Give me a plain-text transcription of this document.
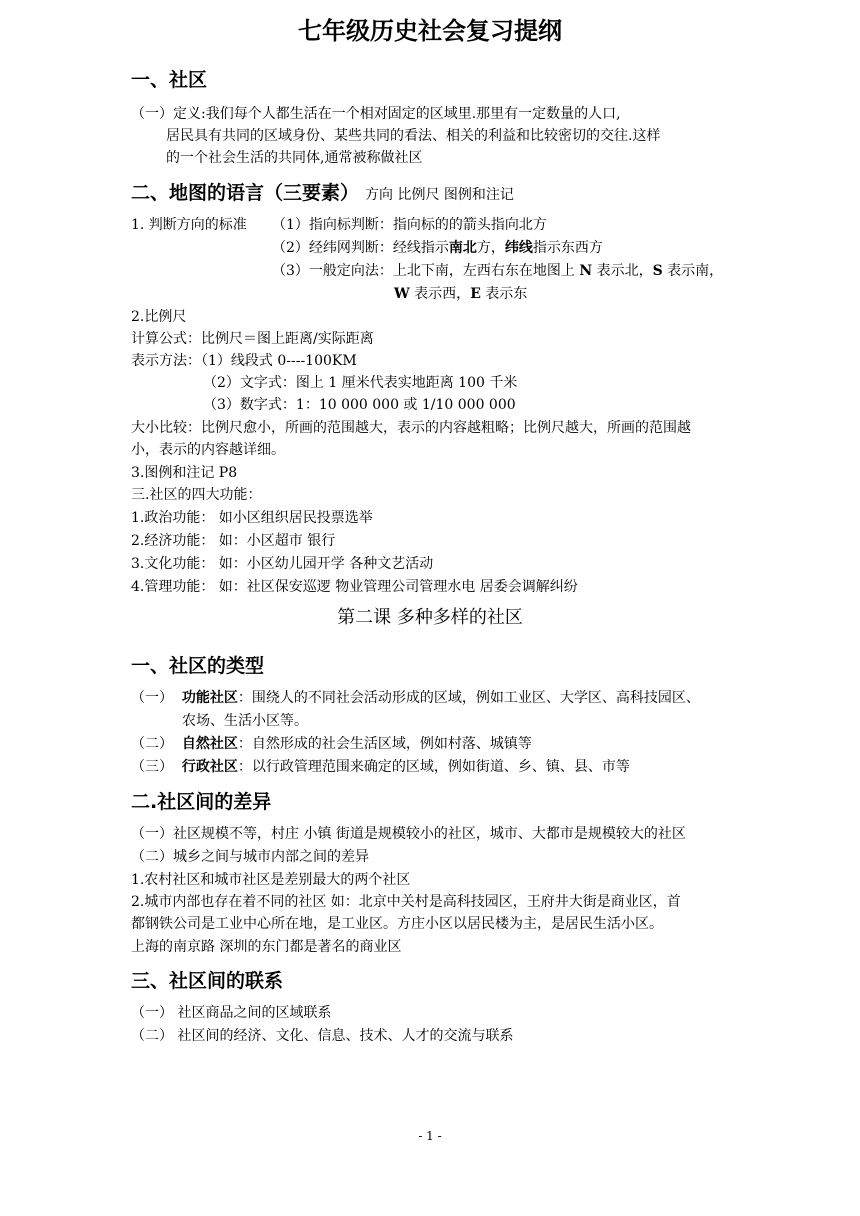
七年级历史社会复习提纲
一、社区
（一）定义:我们每个人都生活在一个相对固定的区域里.那里有一定数量的人口,
居民具有共同的区域身份、某些共同的看法、相关的利益和比较密切的交往.这样
的一个社会生活的共同体,通常被称做社区
二、地图的语言（三要素） 方向 比例尺 图例和注记
1. 判断方向的标准 （1）指向标判断：指向标的的箭头指向北方
（2）经纬网判断：经线指示南北方，纬线指示东西方
（3）一般定向法：上北下南，左西右东在地图上 N 表示北，S 表示南，
W 表示西，E 表示东
2.比例尺
计算公式：比例尺＝图上距离/实际距离
表示方法：（1）线段式 0----100KM
（2）文字式：图上 1 厘米代表实地距离 100 千米
（3）数字式：1：10 000 000 或 1/10 000 000
大小比较：比例尺愈小，所画的范围越大，表示的内容越粗略；比例尺越大，所画的范围越
小，表示的内容越详细。
3.图例和注记 P8
三.社区的四大功能：
1.政治功能： 如小区组织居民投票选举
2.经济功能： 如：小区超市 银行
3.文化功能： 如：小区幼儿园开学 各种文艺活动
4.管理功能： 如：社区保安巡逻 物业管理公司管理水电 居委会调解纠纷
第二课 多种多样的社区
一、社区的类型
（一） 功能社区：围绕人的不同社会活动形成的区域，例如工业区、大学区、高科技园区、
农场、生活小区等。
（二） 自然社区：自然形成的社会生活区域，例如村落、城镇等
（三） 行政社区：以行政管理范围来确定的区域，例如街道、乡、镇、县、市等
二.社区间的差异
（一）社区规模不等，村庄 小镇 街道是规模较小的社区，城市、大都市是规模较大的社区
（二）城乡之间与城市内部之间的差异
1.农村社区和城市社区是差别最大的两个社区
2.城市内部也存在着不同的社区 如：北京中关村是高科技园区，王府井大街是商业区，首
都钢铁公司是工业中心所在地，是工业区。方庄小区以居民楼为主，是居民生活小区。
上海的南京路 深圳的东门都是著名的商业区
三、社区间的联系
（一） 社区商品之间的区域联系
（二） 社区间的经济、文化、信息、技术、人才的交流与联系
- 1 -
